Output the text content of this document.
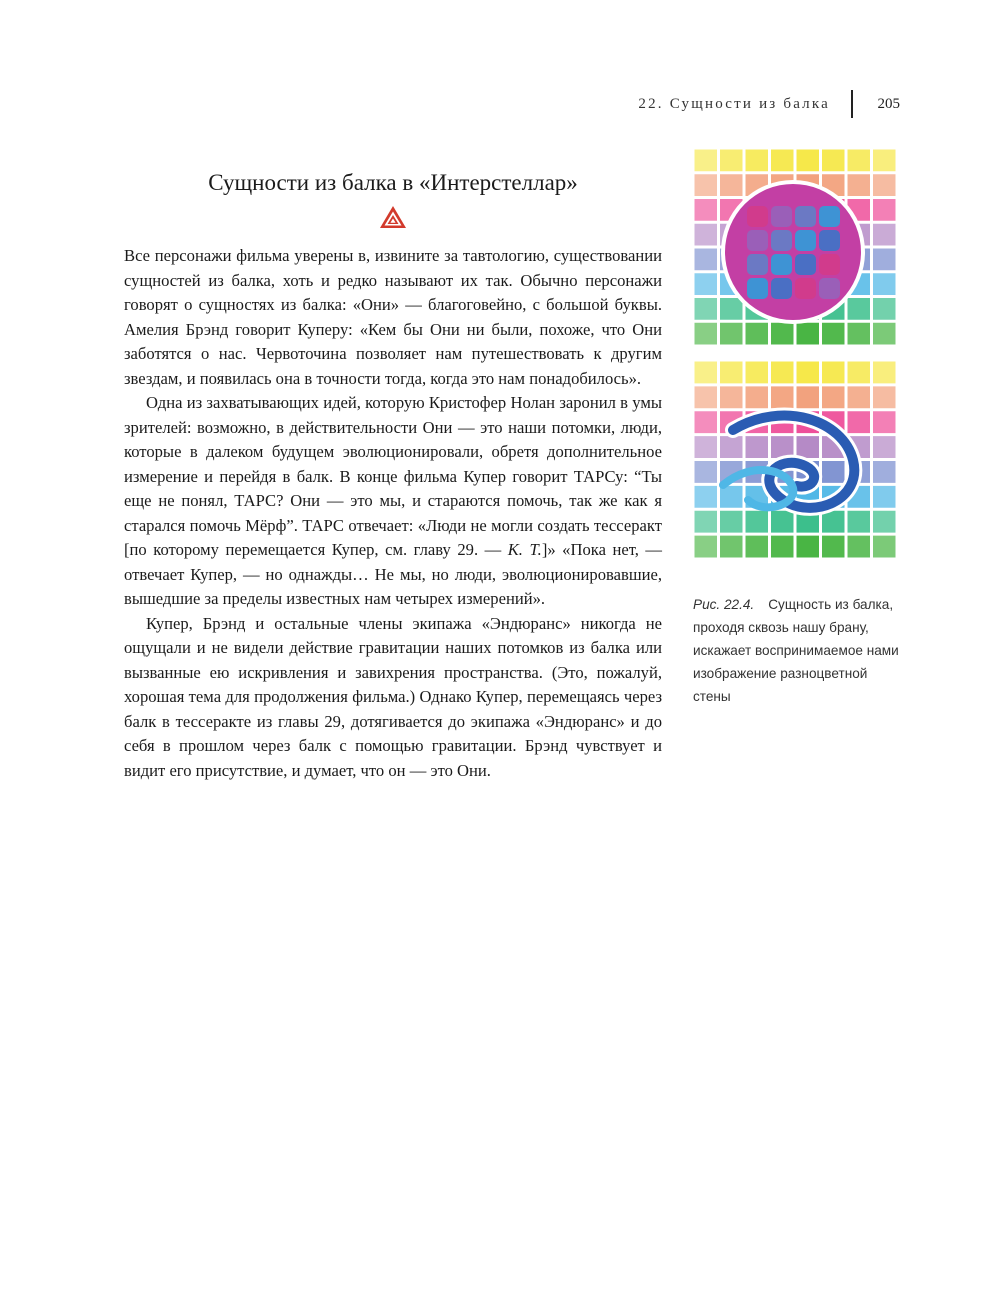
22. Сущности из балка	205
Сущности из балка в «Интерстеллар»

Все персонажи фильма уверены в, извините за тавтологию, существовании сущностей из балка, хоть и редко называют их так. Обычно персонажи говорят о сущностях из балка: «Они» — благоговейно, с большой буквы. Амелия Брэнд говорит Куперу: «Кем бы Они ни были, похоже, что Они заботятся о нас. Червоточина позволяет нам путешествовать к другим звездам, и появилась она в точности тогда, когда это нам понадобилось».

Одна из захватывающих идей, которую Кристофер Нолан заронил в умы зрителей: возможно, в действительности Они — это наши потомки, люди, которые в далеком будущем эволюционировали, обретя дополнительное измерение и перейдя в балк. В конце фильма Купер говорит ТАРСу: “Ты еще не понял, ТАРС? Они — это мы, и стараются помочь, так же как я старался помочь Мёрф”. ТАРС отвечает: «Люди не могли создать тессеракт [по которому перемещается Купер, см. главу 29. — К. Т.]» «Пока нет, — отвечает Купер, — но однажды… Не мы, но люди, эволюционировавшие, вышедшие за пределы известных нам четырех измерений».

Купер, Брэнд и остальные члены экипажа «Эндюранс» никогда не ощущали и не видели действие гравитации наших потомков из балка или вызванные ею искривления и завихрения пространства. (Это, пожалуй, хорошая тема для продолжения фильма.) Однако Купер, перемещаясь через балк в тессеракте из главы 29, дотягивается до экипажа «Эндюранс» и до себя в прошлом через балк с помощью гравитации. Брэнд чувствует и видит его присутствие, и думает, что он — это Они.

Рис. 22.4. Сущность из балка, проходя сквозь нашу брану, искажает воспринимаемое нами изображение разноцветной стены
